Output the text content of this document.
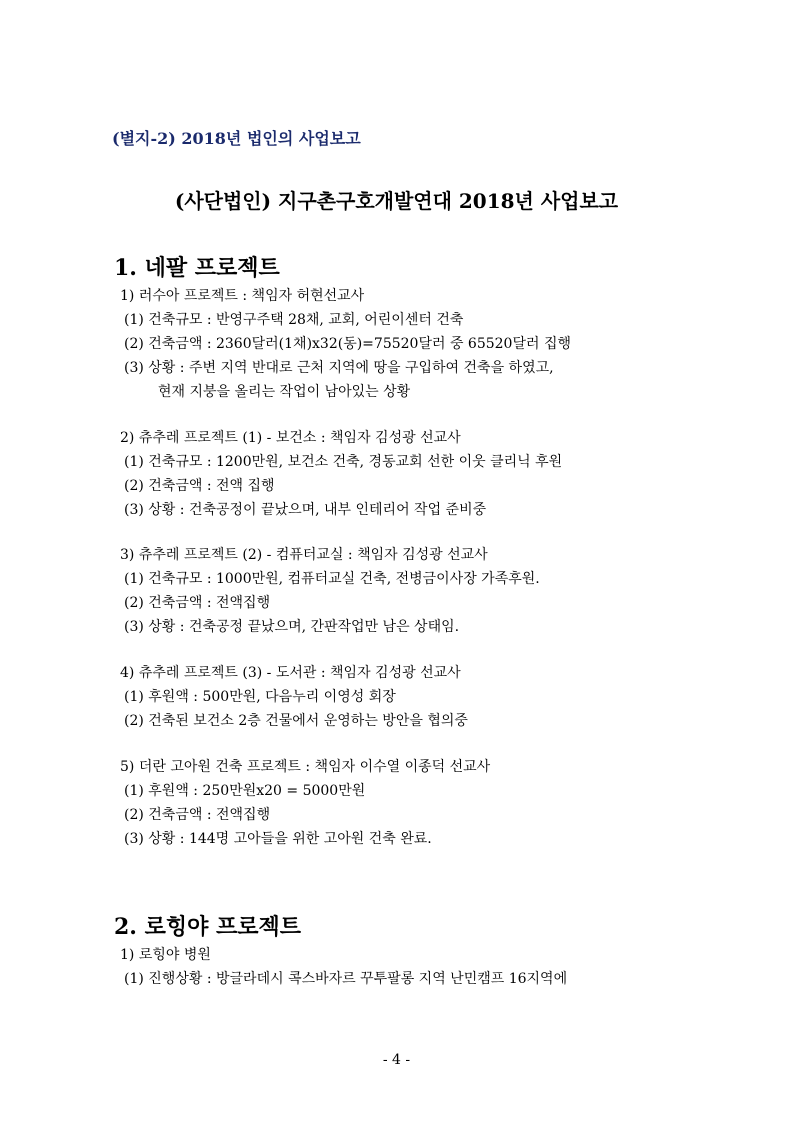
(별지-2) 2018년 법인의 사업보고
(사단법인) 지구촌구호개발연대 2018년 사업보고
1. 네팔 프로젝트
1) 러수아 프로젝트 : 책임자 허현선교사
(1) 건축규모 : 반영구주택 28채, 교회, 어린이센터 건축
(2) 건축금액 : 2360달러(1채)x32(동)=75520달러 중 65520달러 집행
(3) 상황 : 주변 지역 반대로 근처 지역에 땅을 구입하여 건축을 하였고,
현재 지붕을 올리는 작업이 남아있는 상황
2) 츄추레 프로젝트 (1) - 보건소 : 책임자 김성광 선교사
(1) 건축규모 : 1200만원, 보건소 건축, 경동교회 선한 이웃 클리닉 후원
(2) 건축금액 : 전액 집행
(3) 상황 : 건축공정이 끝났으며, 내부 인테리어 작업 준비중
3) 츄추레 프로젝트 (2) - 컴퓨터교실 : 책임자 김성광 선교사
(1) 건축규모 : 1000만원, 컴퓨터교실 건축, 전병금이사장 가족후원.
(2) 건축금액 : 전액집행
(3) 상황 : 건축공정 끝났으며, 간판작업만 남은 상태임.
4) 츄추레 프로젝트 (3) - 도서관 : 책임자 김성광 선교사
(1) 후원액 : 500만원, 다음누리 이영성 회장
(2) 건축된 보건소 2층 건물에서 운영하는 방안을 협의중
5) 더란 고아원 건축 프로젝트 : 책임자 이수열 이종덕 선교사
(1) 후원액 : 250만원x20 = 5000만원
(2) 건축금액 : 전액집행
(3) 상황 : 144명 고아들을 위한 고아원 건축 완료.
2. 로힝야 프로젝트
1) 로힝야 병원
(1) 진행상황 : 방글라데시 콕스바자르 꾸투팔롱 지역 난민캠프 16지역에
- 4 -
